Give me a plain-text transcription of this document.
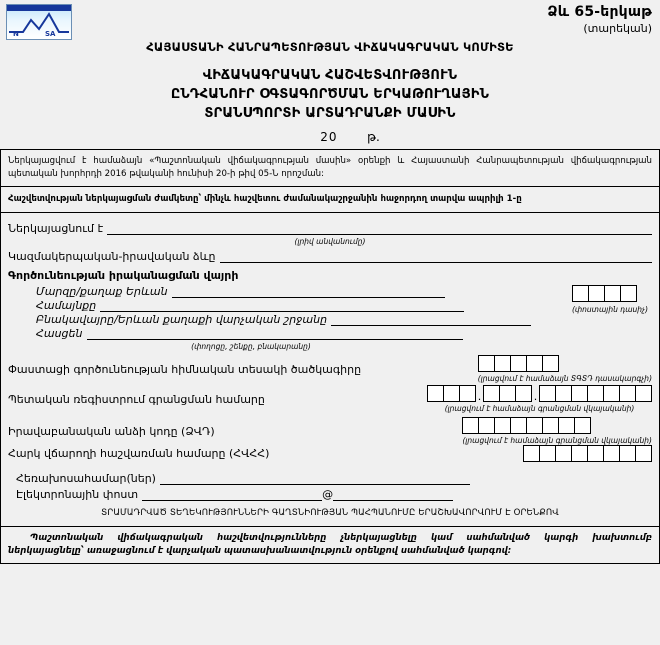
N	SA
Ձև 65-երկաթ
(տարեկան)
ՀԱՅԱՍՏԱՆԻ ՀԱՆՐԱՊԵՏՈՒԹՅԱՆ ՎԻՃԱԿԱԳՐԱԿԱՆ ԿՈՄԻՏԵ
ՎԻՃԱԿԱԳՐԱԿԱՆ ՀԱՇՎԵՏՎՈՒԹՅՈՒՆ
ԸՆԴՀԱՆՈՒՐ ՕԳՏԱԳՈՐԾՄԱՆ ԵՐԿԱԹՈՒՂԱՅԻՆ
ՏՐԱՆՍՊՈՐՏԻ ԱՐՏԱԴՐԱՆՔԻ ՄԱՍԻՆ
20 թ.
Ներկայացվում է համաձայն «Պաշտոնական վիճակագրության մասին» օրենքի և Հայաստանի Հանրապետության վիճակագրության պետական խորհրդի 2016 թվականի հունիսի 20-ի թիվ 05-Ն որոշման:
Հաշվետվության ներկայացման ժամկետը՝ մինչև հաշվետու ժամանակաշրջանին հաջորդող տարվա ապրիլի 1-ը
Ներկայացնում է
(լրիվ անվանումը)
Կազմակերպական-իրավական ձևը
Գործունեության իրականացման վայրի
Մարզը/քաղաք Երևան
Համայնքը
Բնակավայրը/Երևան քաղաքի վարչական շրջանը
Հասցեն
(փողոցը, շենքը, բնակարանը)
(փոստային դասիչ)
Փաստացի գործունեության հիմնական տեսակի ծածկագիրը
(լրացվում է համաձայն ՏԳՏԴ դասակարգչի)
Պետական ռեգիստրում գրանցման համարը	.	.
(լրացվում է համաձայն գրանցման վկայականի)
Իրավաբանական անձի կոդը (ՁՎԴ)
(լրացվում է համաձայն գրանցման վկայականի)
Հարկ վճարողի հաշվառման համարը (ՀՎՀՀ)
Հեռախոսահամար(ներ)
Էլեկտրոնային փոստ	@
ՏՐԱՄԱԴՐՎԱԾ ՏԵՂԵԿՈՒԹՅՈՒՆՆԵՐԻ ԳԱՂՏՆԻՈՒԹՅԱՆ ՊԱՀՊԱՆՈՒՄԸ ԵՐԱՇԽԱՎՈՐՎՈՒՄ Է ՕՐԵՆՔՈՎ
Պաշտոնական վիճակագրական հաշվետվությունները չներկայացնելը կամ սահմանված կարգի խախտումբ ներկայացնելը՝ առաջացնում է վարչական պատասխանատվություն օրենքով սահմանված կարգով:
